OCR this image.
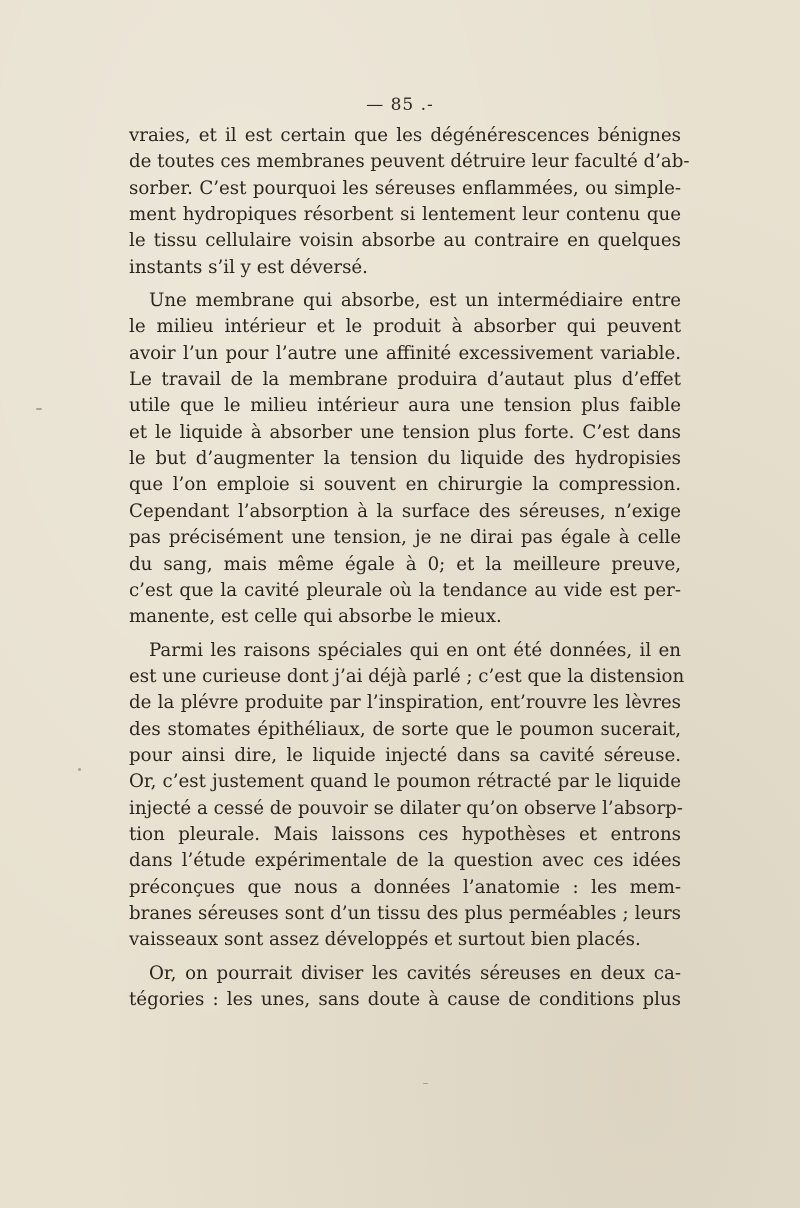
— 85 .-
vraies, et il est certain que les dégénérescences bénignes
de toutes ces membranes peuvent détruire leur faculté d’ab-
sorber. C’est pourquoi les séreuses enflammées, ou simple-
ment hydropiques résorbent si lentement leur contenu que
le tissu cellulaire voisin absorbe au contraire en quelques
instants s’il y est déversé.
Une membrane qui absorbe, est un intermédiaire entre
le milieu intérieur et le produit à absorber qui peuvent
avoir l’un pour l’autre une affinité excessivement variable.
Le travail de la membrane produira d’autaut plus d’effet
utile que le milieu intérieur aura une tension plus faible
et le liquide à absorber une tension plus forte. C’est dans
le but d’augmenter la tension du liquide des hydropisies
que l’on emploie si souvent en chirurgie la compression.
Cependant l’absorption à la surface des séreuses, n’exige
pas précisément une tension, je ne dirai pas égale à celle
du sang, mais même égale à 0; et la meilleure preuve,
c’est que la cavité pleurale où la tendance au vide est per-
manente, est celle qui absorbe le mieux.
Parmi les raisons spéciales qui en ont été données, il en
est une curieuse dont j’ai déjà parlé ; c’est que la distension
de la plévre produite par l’inspiration, ent’rouvre les lèvres
des stomates épithéliaux, de sorte que le poumon sucerait,
pour ainsi dire, le liquide injecté dans sa cavité séreuse.
Or, c’est justement quand le poumon rétracté par le liquide
injecté a cessé de pouvoir se dilater qu’on observe l’absorp-
tion pleurale. Mais laissons ces hypothèses et entrons
dans l’étude expérimentale de la question avec ces idées
préconçues que nous a données l’anatomie : les mem-
branes séreuses sont d’un tissu des plus perméables ; leurs
vaisseaux sont assez développés et surtout bien placés.
Or, on pourrait diviser les cavités séreuses en deux ca-
tégories : les unes, sans doute à cause de conditions plus
